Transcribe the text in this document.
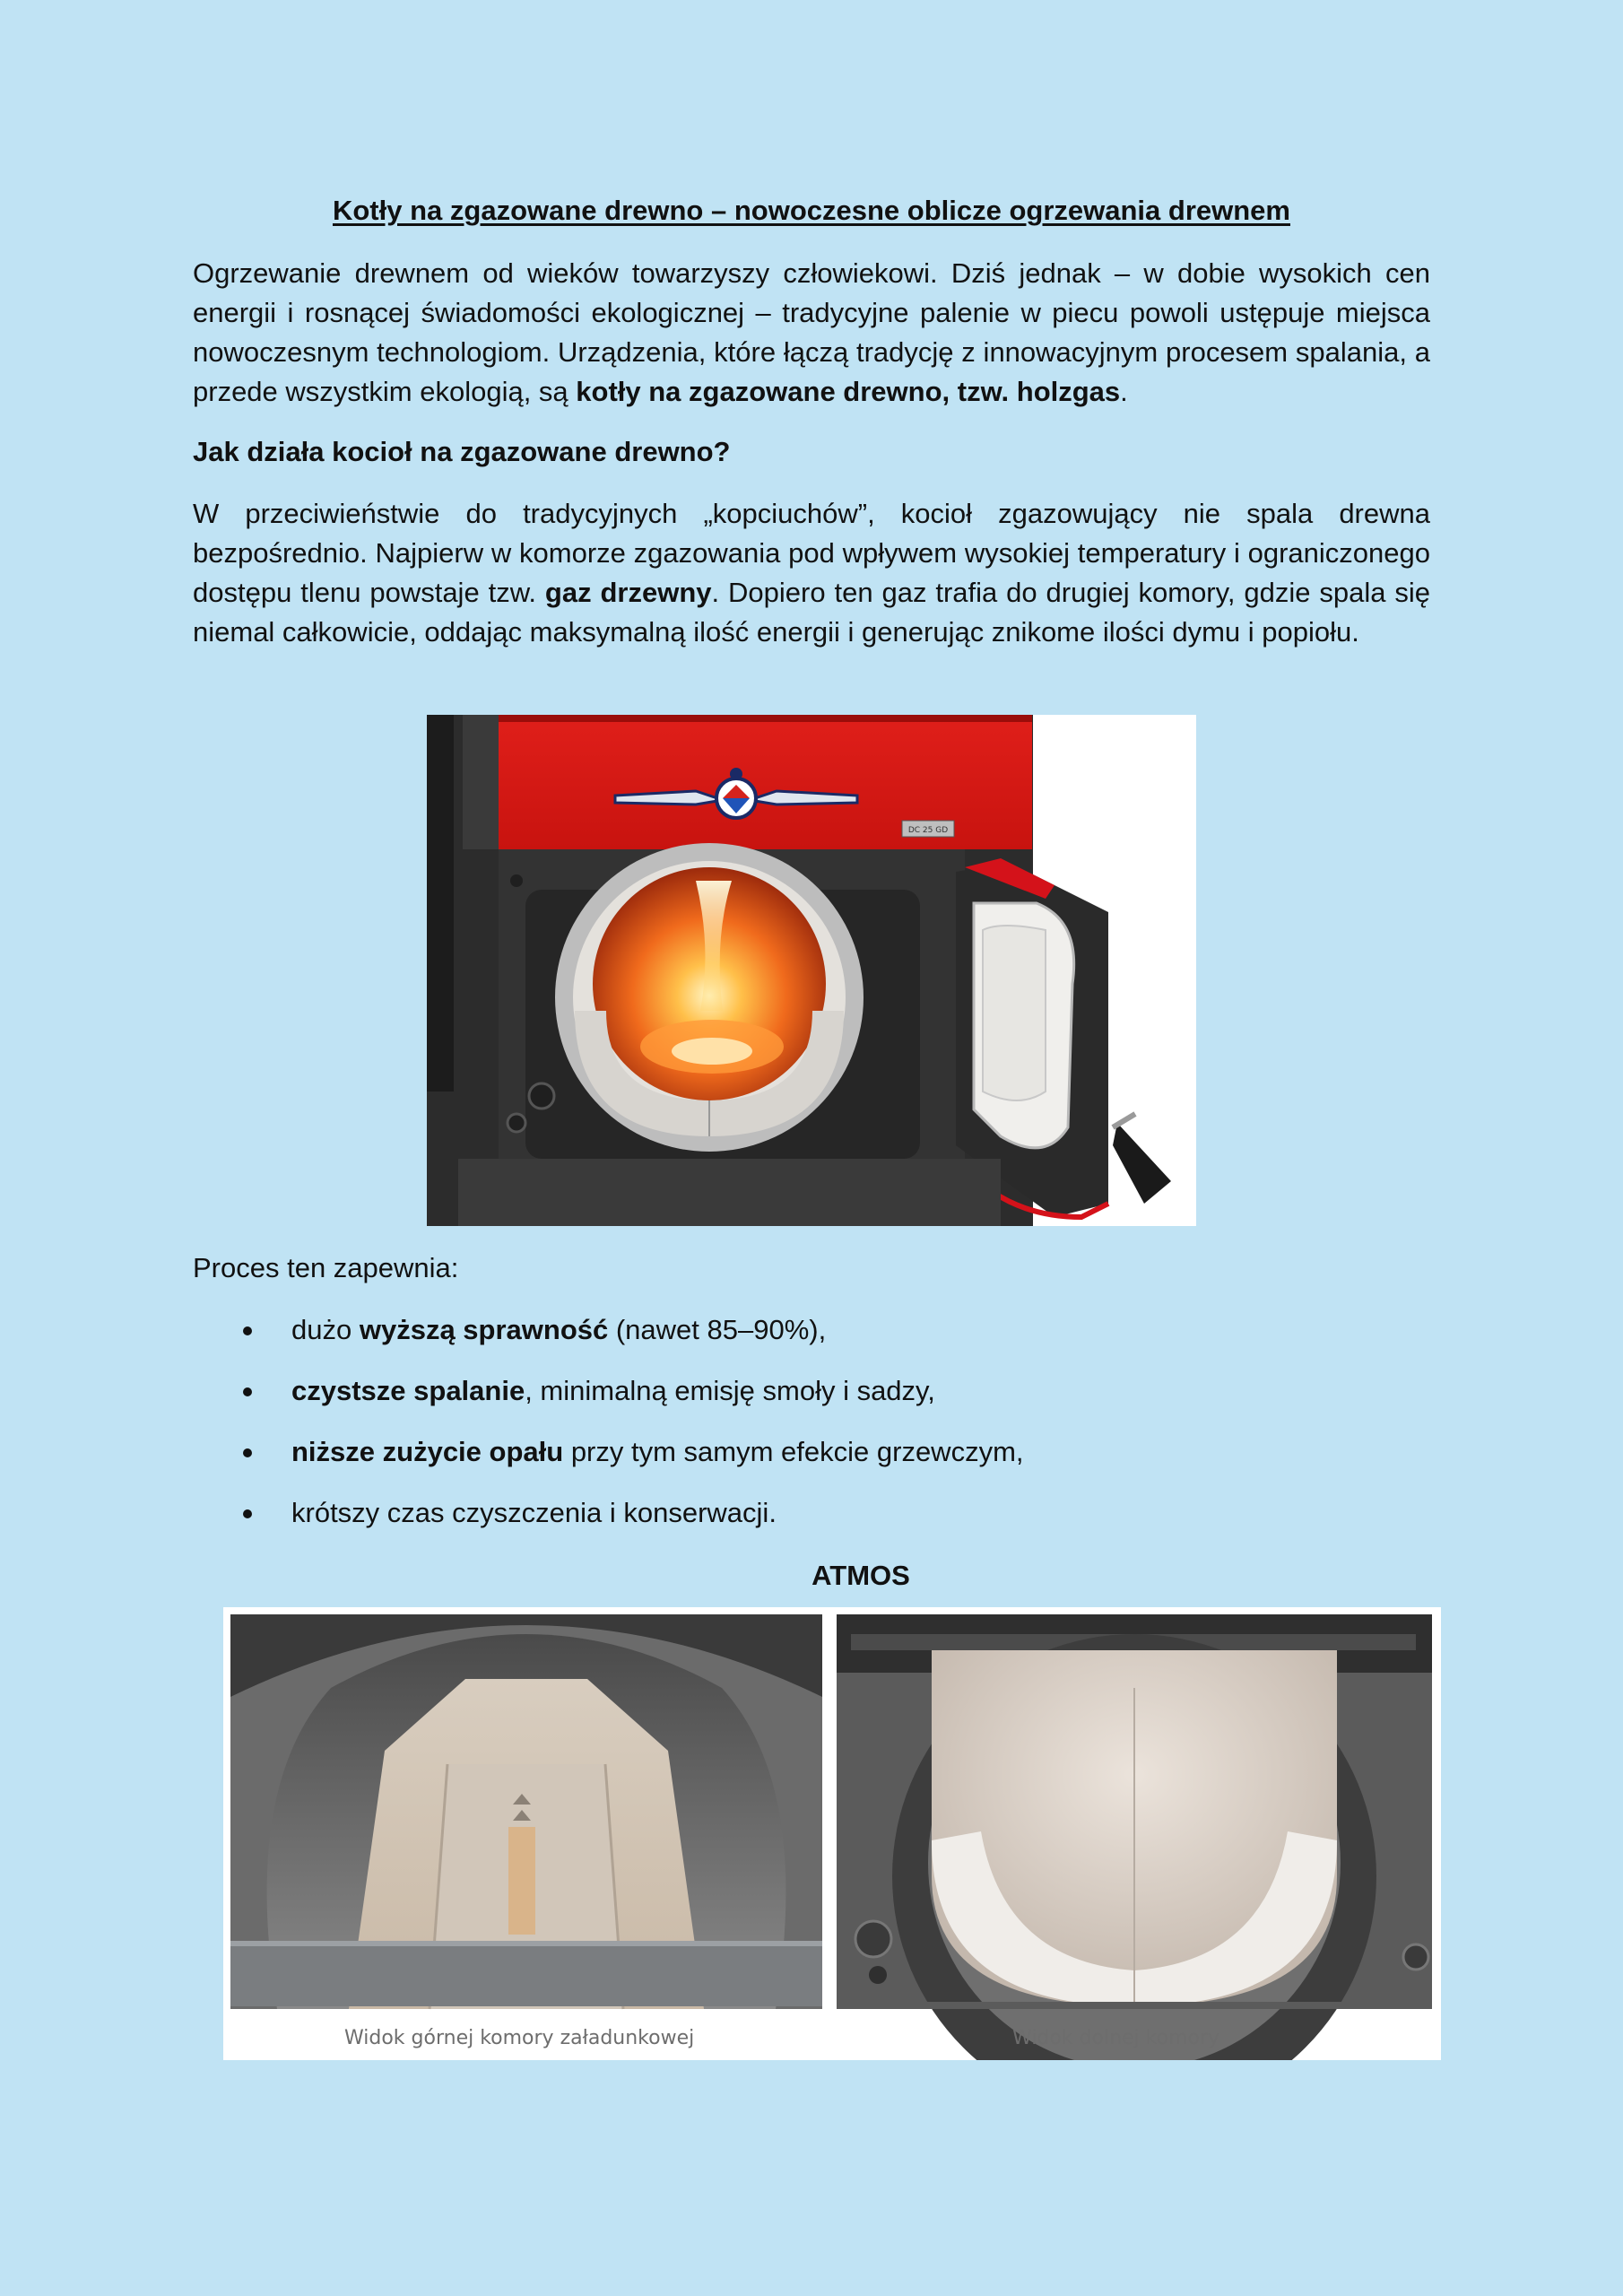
Kotły na zgazowane drewno – nowoczesne oblicze ogrzewania drewnem

Ogrzewanie drewnem od wieków towarzyszy człowiekowi. Dziś jednak – w dobie wysokich cen energii i rosnącej świadomości ekologicznej – tradycyjne palenie w piecu powoli ustępuje miejsca nowoczesnym technologiom. Urządzenia, które łączą tradycję z innowacyjnym procesem spalania, a przede wszystkim ekologią, są kotły na zgazowane drewno, tzw. holzgas.

Jak działa kocioł na zgazowane drewno?

W przeciwieństwie do tradycyjnych „kopciuchów”, kocioł zgazowujący nie spala drewna bezpośrednio. Najpierw w komorze zgazowania pod wpływem wysokiej temperatury i ograniczonego dostępu tlenu powstaje tzw. gaz drzewny. Dopiero ten gaz trafia do drugiej komory, gdzie spala się niemal całkowicie, oddając maksymalną ilość energii i generując znikome ilości dymu i popiołu.

DC 25 GD
Proces ten zapewnia:
dużo wyższą sprawność (nawet 85–90%),
czystsze spalanie, minimalną emisję smoły i sadzy,
niższe zużycie opału przy tym samym efekcie grzewczym,
krótszy czas czyszczenia i konserwacji.
ATMOS
Widok górnej komory załadunkowej	Widok dolnej komory
